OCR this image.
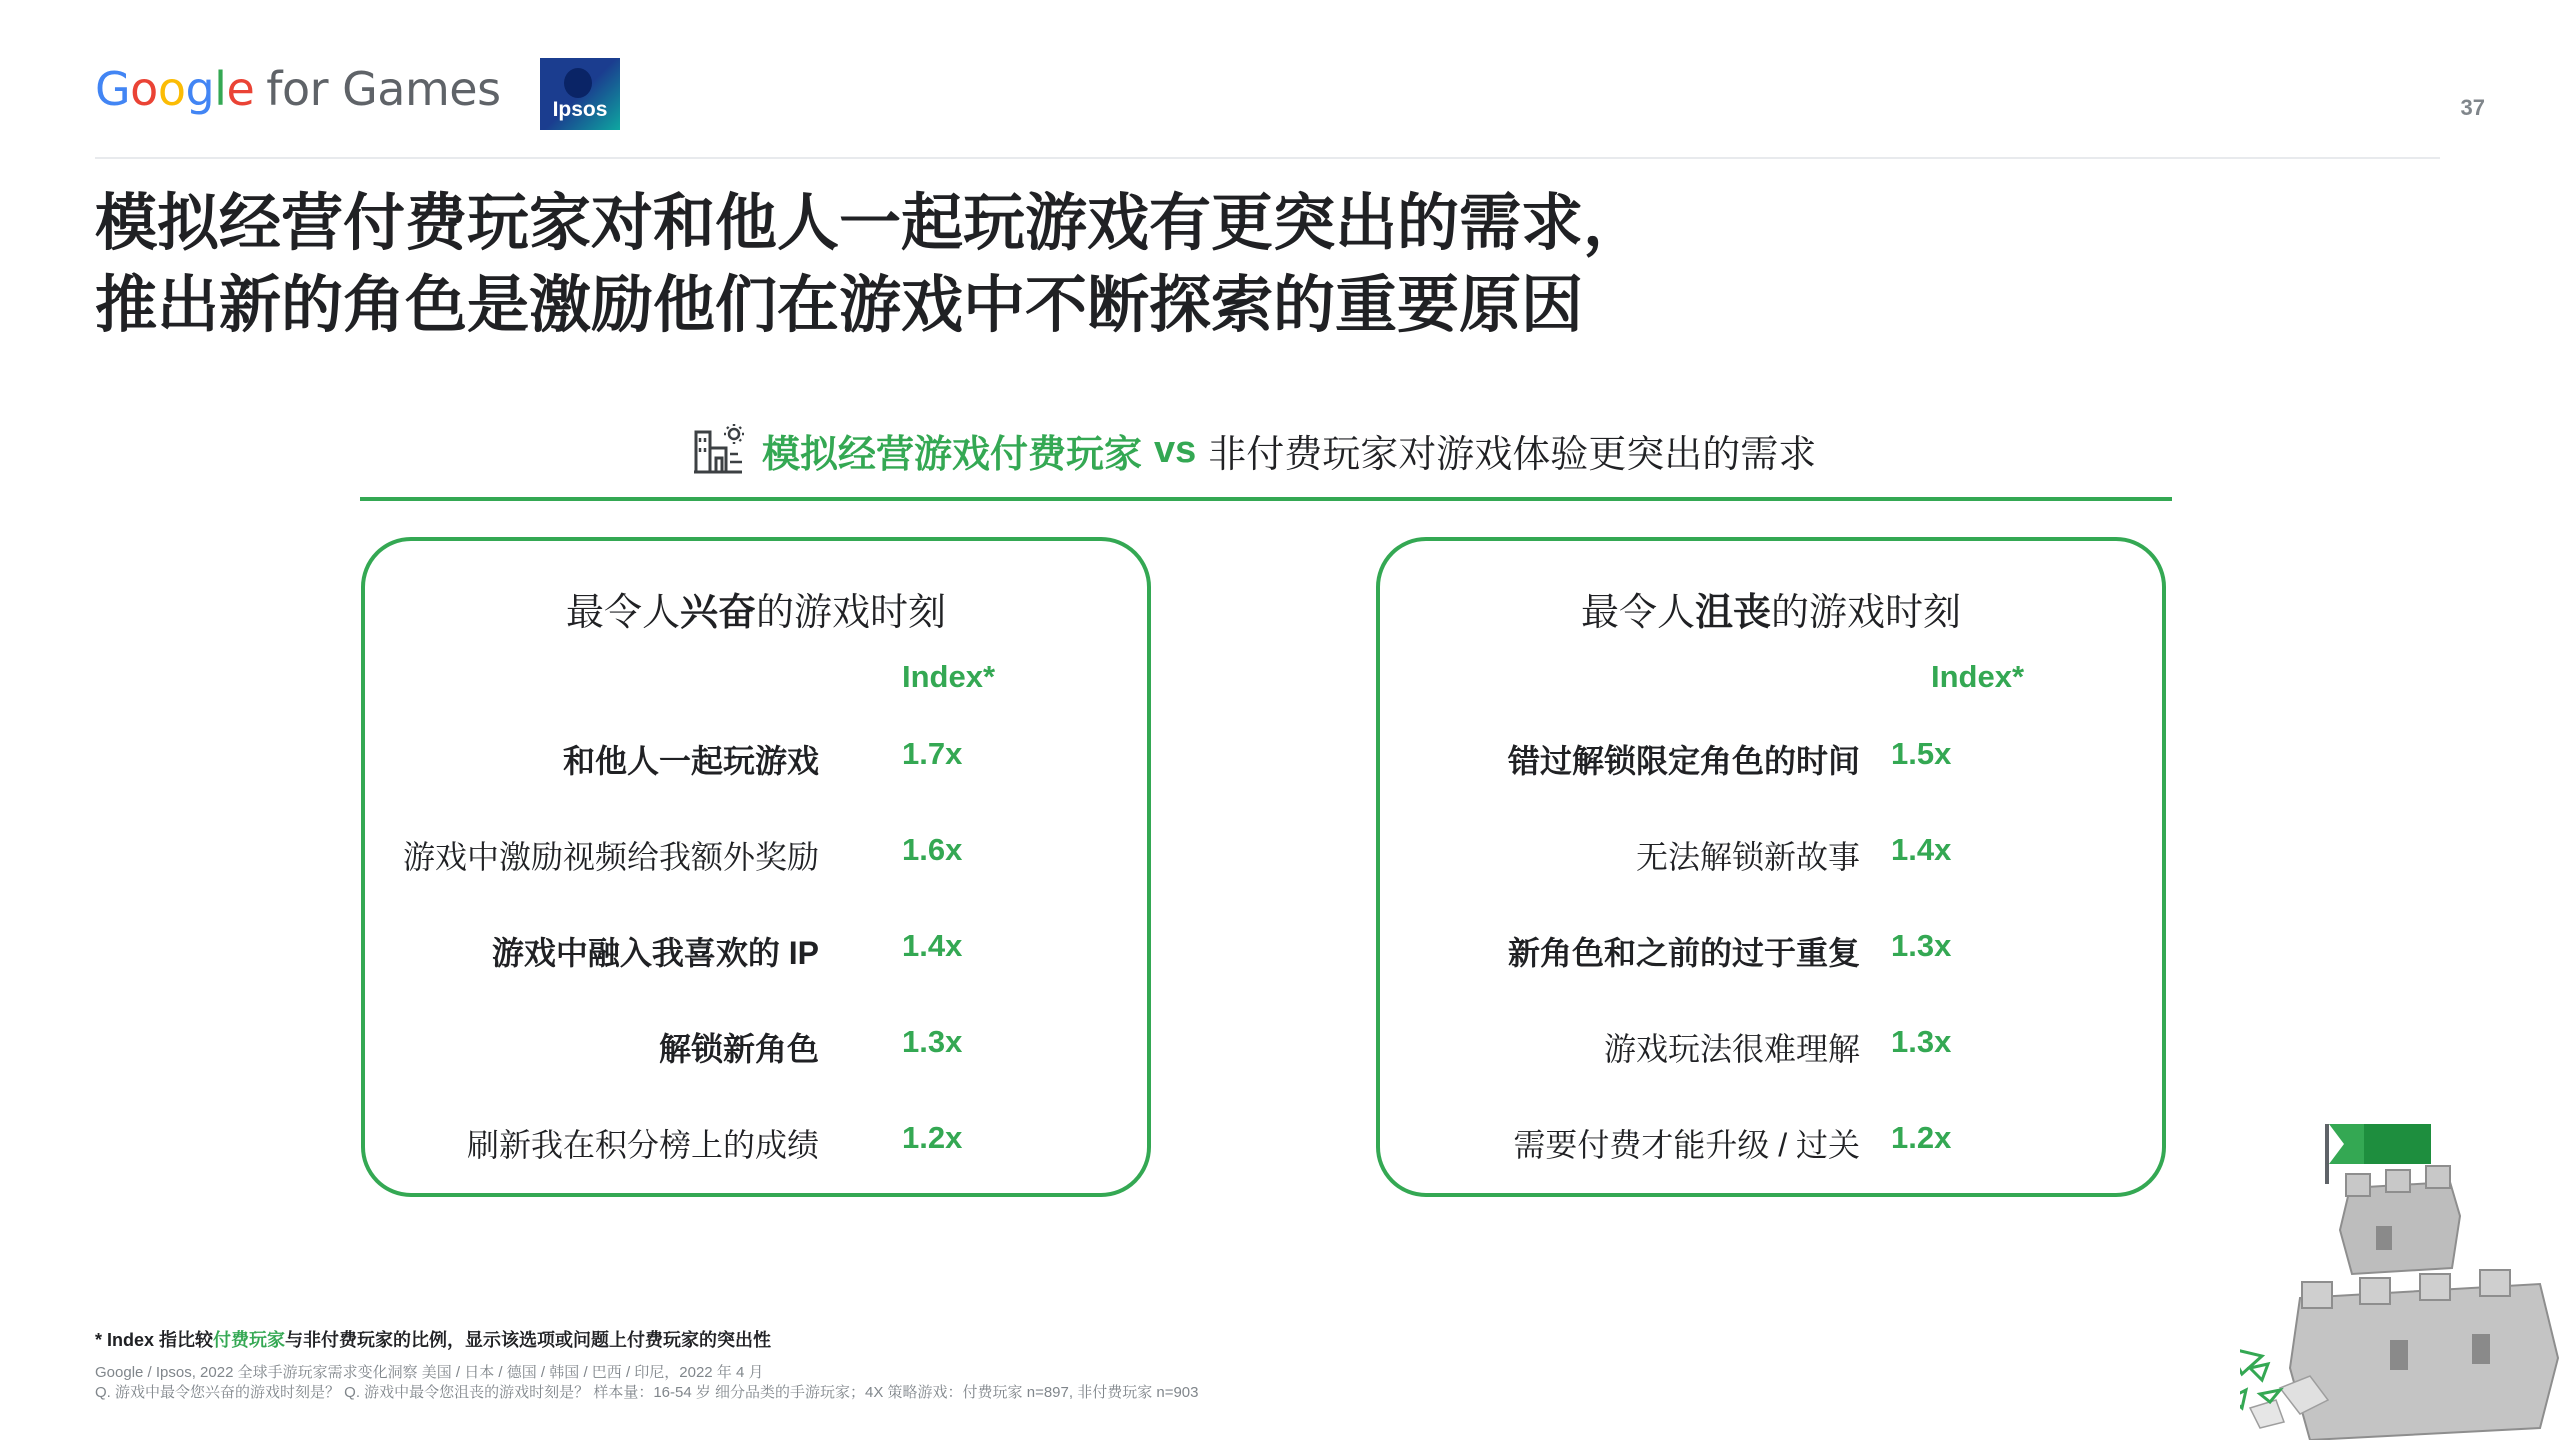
Google for Games	Ipsos	37
模拟经营付费玩家对和他人一起玩游戏有更突出的需求，
推出新的角色是激励他们在游戏中不断探索的重要原因
模拟经营游戏付费玩家 vs 非付费玩家对游戏体验更突出的需求
最令人兴奋的游戏时刻
Index*
和他人一起玩游戏	1.7x
游戏中激励视频给我额外奖励	1.6x
游戏中融入我喜欢的 IP	1.4x
解锁新角色	1.3x
刷新我在积分榜上的成绩	1.2x
最令人沮丧的游戏时刻
Index*
错过解锁限定角色的时间 1.5x
无法解锁新故事 1.4x
新角色和之前的过于重复 1.3x
游戏玩法很难理解 1.3x
需要付费才能升级 / 过关 1.2x
* Index 指比较付费玩家与非付费玩家的比例，显示该选项或问题上付费玩家的突出性
Google / Ipsos, 2022 全球手游玩家需求变化洞察 美国 / 日本 / 德国 / 韩国 / 巴西 / 印尼，2022 年 4 月
Q. 游戏中最令您兴奋的游戏时刻是？ Q. 游戏中最令您沮丧的游戏时刻是？ 样本量：16-54 岁 细分品类的手游玩家；4X 策略游戏：付费玩家 n=897, 非付费玩家 n=903
